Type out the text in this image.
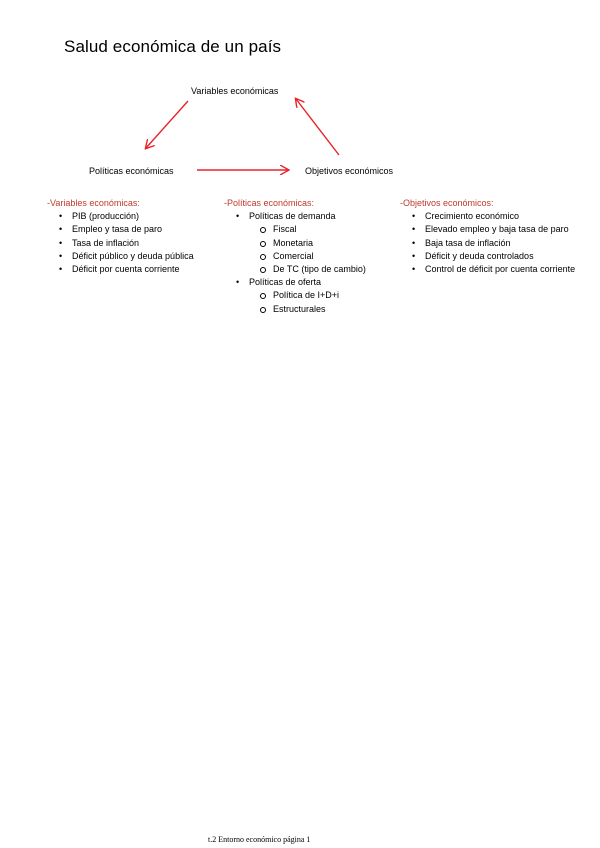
Salud económica de un país
Variables económicas
Políticas económicas	Objetivos económicos
-Variables económicas:
• PIB (producción)
• Empleo y tasa de paro
• Tasa de inflación
• Déficit público y deuda pública
• Déficit por cuenta corriente
-Políticas económicas:
• Políticas de demanda
Fiscal
Monetaria
Comercial
De TC (tipo de cambio)
• Políticas de oferta
Política de I+D+i
Estructurales
-Objetivos económicos:
• Crecimiento económico
• Elevado empleo y baja tasa de paro
• Baja tasa de inflación
• Déficit y deuda controlados
• Control de déficit por cuenta corriente
t.2 Entorno económico página 1
